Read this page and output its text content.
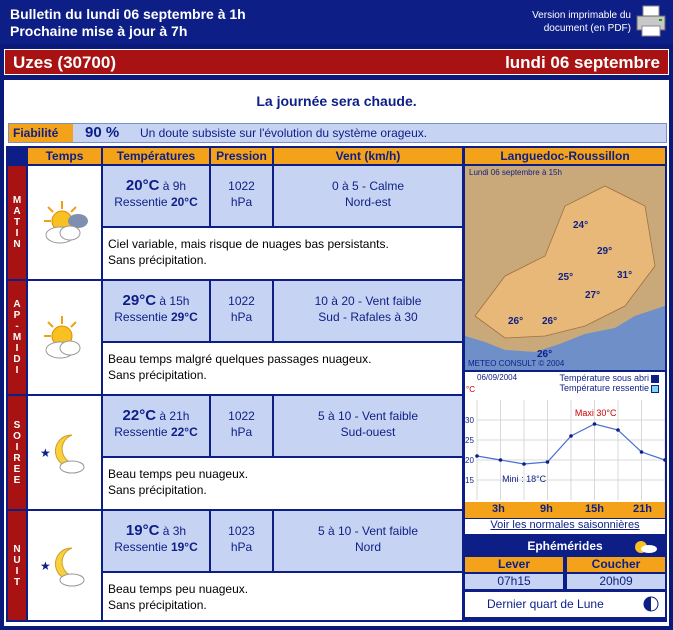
Bulletin du lundi 06 septembre à 1h
Prochaine mise à jour à 7h
Version imprimable du
document (en PDF)
Uzes (30700)	lundi 06 septembre
La journée sera chaude.
Fiabilité	90 % Un doute subsiste sur l'évolution du système orageux.
Temps	Températures	Pression	Vent (km/h)	Languedoc-Roussillon
M A T I N
20°C à 9h
Ressentie 20°C
1022
hPa
0 à 5 - Calme
Nord-est
Ciel variable, mais risque de nuages bas persistants.
Sans précipitation.
A P - M I D I
29°C à 15h
Ressentie 29°C
1022
hPa
10 à 20 - Vent faible
Sud - Rafales à 30
Beau temps malgré quelques passages nuageux.
Sans précipitation.
S O I R E E
★
22°C à 21h
Ressentie 22°C
1022
hPa
5 à 10 - Vent faible
Sud-ouest
Beau temps peu nuageux.
Sans précipitation.
N U I T
★
19°C à 3h
Ressentie 19°C
1023
hPa
5 à 10 - Vent faible
Nord
Beau temps peu nuageux.
Sans précipitation.
Lundi 06 septembre à 15h
24°
29°
25°	31°
27°
26° 26°
26°
METEO CONSULT © 2004
06/09/2004
°C
Température sous abri
Température ressentie
30
25
20
15
Maxi 30°C
Mini : 18°C
3h	9h	15h	21h
Voir les normales saisonnières
Ephémérides
Lever	Coucher
07h15	20h09
Dernier quart de Lune
